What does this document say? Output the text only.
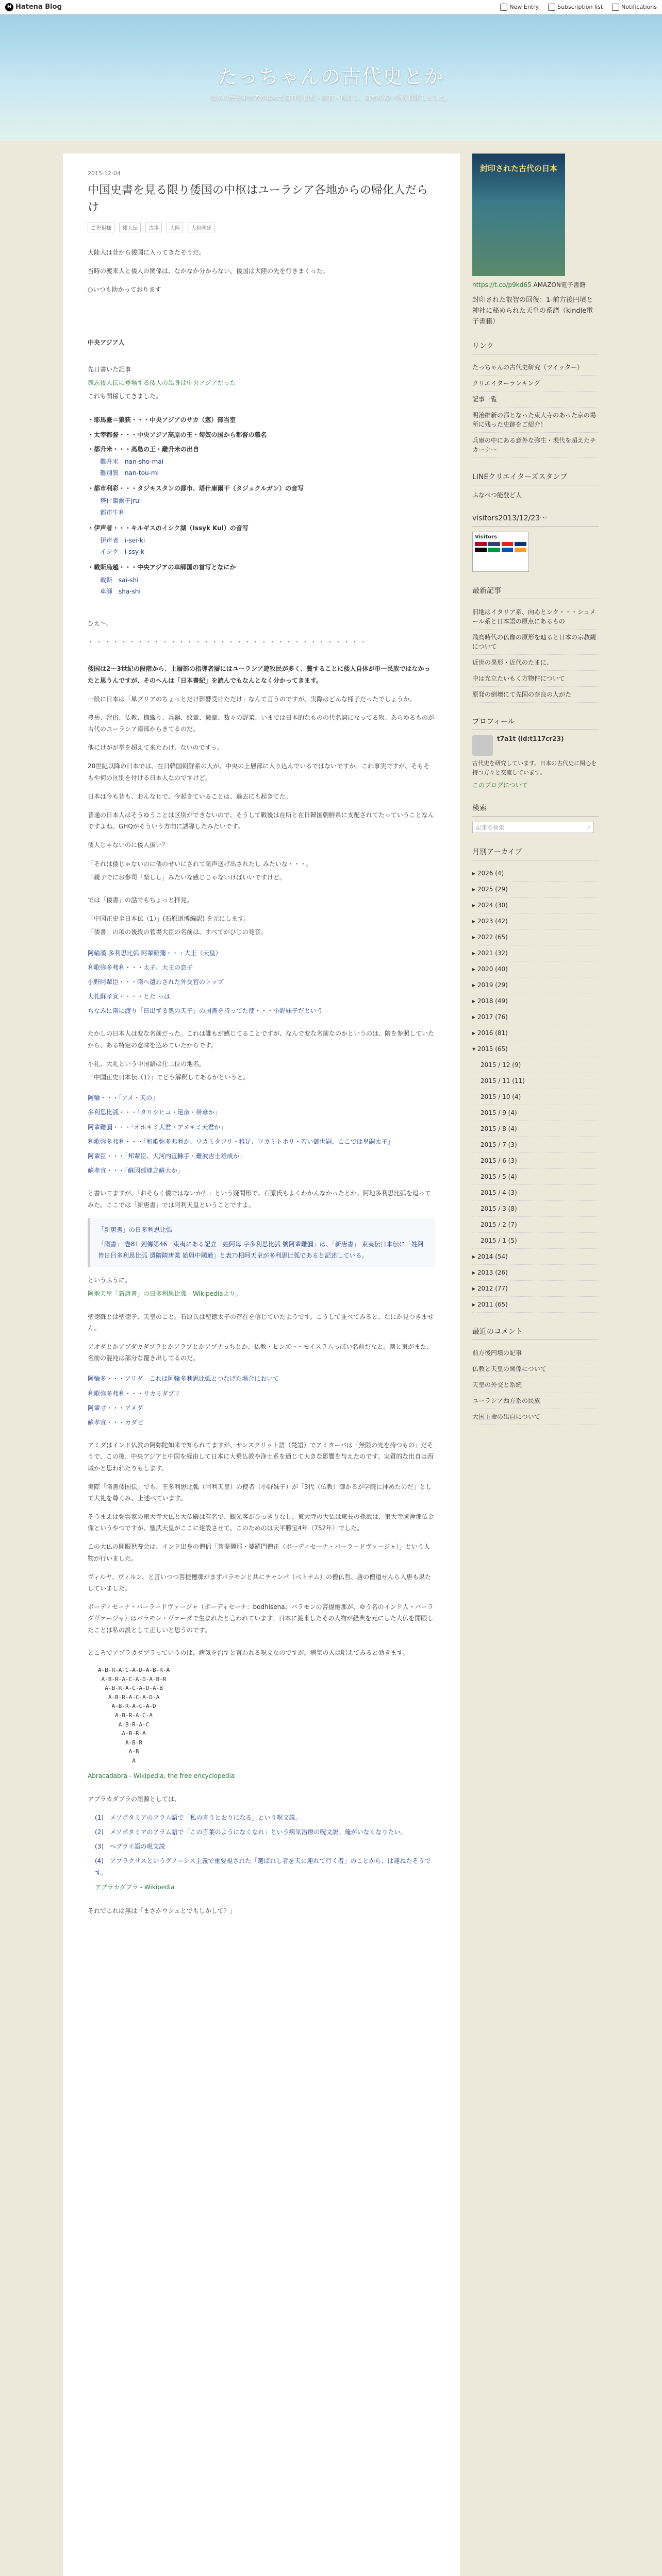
H Hatena Blog	New Entry	Subscription list	Notifications
たっちゃんの古代史とか
幾多の歴史研究者が集めた資料を比較・精査・検討し、確率の高い物を採択しました。
2015-12-04
中国史書を見る限り倭国の中枢はユーラシア各地からの帰化人だらけ
ご先祖様 倭人伝 古事 大陸 大和朝廷

大陸人は昔から倭国に入ってきたそうだ。

当時の渡来人と倭人の関係は、なかなか分からない。倭国は大陸の先を行きまくった。

○いつも助かっております

中央アジア人

先日書いた記事

魏志倭人伝に登場する倭人の出身は中央アジアだった

これも関係してきました。

・耶馬臺＝狼荻・・・中央アジアのサカ（塞）部当室

・太宰都督・・・中央アジア高原の王・匈奴の国から都督の職名

・都升米・・・高島の王・難升米の出自

難升米　nan-sho-mai

難別賀　nan-tou-mi

・都市利彩・・・タジキスタンの都市、塔什庫爾干（タジュクルガン）の音写

塔什庫爾干jrul

都市牛利

・伊声者・・・キルギスのイシク湖（Issyk Kul）の音写

伊声者　i-sei-ki

イシク　i-ssy-k

・載斯烏越・・・中央アジアの車師国の首写となにか

載斯　sai-shi

車師　sha-shi

ひえ〜。

・・・・・・・・・・・・・・・・・・・・・・・・・・・・・・・・・・

倭国は2〜3世紀の段階から、上層部の指導者層にはユーラシア遊牧民が多く、贅することに倭人自体が単一民族ではなかったと思うんですが、そのへんは「日本書紀」を読んでもなんとなく分かってきます。

一般に日本は「単グリアのちょっとだけ影響受けただけ」なんて言うのですが、実際はどんな様子だったでしょうか。

豊岳、習俗、仏教、機織り、兵器、紋章、徽章、数々の野菜、いまでは日本的なものの代名詞になってる物、あらゆるものが古代のユーラシア南部からきてるのだ。

他にけがが挙を超えて来たわけ、ないのですっ。

20世紀以降の日本では、在日韓国朝鮮系の人が、中央の上層部に入り込んでいるではないですか。これ事実ですが、そもそもや何の区別を付ける日本人なのですけど。

日本は今も昔も、おんなじで、今起きていることは、過去にも起きてた。

普通の日本人はそうゆうことは区別ができないので、そうして戦後は在所と在日韓国朝鮮系に支配されてたっていうことなんですよね。GHQがそういう方向に誘導したみたいです。

倭人じゃないのに倭人扱い？

「それは倭じゃないのに倭のせいにされて気声送げ出されたし みたいな・・・。

「親子でにお参司「楽しし」みたいな感じじゃないけばいいですけど。

では「倭書」の話でもちょっと拝見。

「中国正史全日本伝（1）」(石原道博編訳) を元にします。

「倭書」の項の後段の菅場大臣の名前は、すべてがひじの発音。

阿輪漢 多利思比弧 阿輩雞彌・・・大王（天皇）

利歌弥多弗利・・・太子、大王の息子

小野阿輩臣・・・隋へ遣わされた外交官のトップ

大礼蘇孝宣・・・・とた っは

ちなみに隋に渡り「日出ずる処の天子」の国書を持ってた使・・・小野妹子だという

たかしの日本人は変な名前だった。これは誰もが感じてることですが、なんで変な名前なのかというのは、隋を参照していたから、ある特定の意味を込めていたからです。

小礼、大礼という中国語は仕二位の地名。

「中国正史日本伝（1）」でどう解釈してあるかというと。

阿輪・・・「アメ・天の」

多利思比弧・・・「タリシヒコ・足彦・帯彦か」

阿輩雞彌・・・「オホキミ大君・アメキミ天君か」

利歌弥多弗利・・・「和歌弥多弗利か、ワカミタフリ・稚足、ワカミトホリ・若い御世嗣、ここでは皇嗣太子」

阿輩臣・・・「邦輩臣、大河内直糠手・難波吉士雄成か」

蘇孝宣・・・「蘇因部連之蘇大か」

と書いてますが、「おそらく倭ではないか？」という疑問形で、石原氏もよくわかんなかったとか。阿地多利思比弧を追ってみた。ここでは「新唐書」では阿利天皇ということですよ。

「新唐書」の日多利思比弧
「隋書」 巻81 列傳第46　東夷にある記立「姓阿每 字多利思比弧 號阿輩雞彌」は、「新唐書」 東夷伝日本伝に「姓阿 皆日目多利思比弧 遣隋隋唐業 始與中國通」と表乃相阿天皇が多利思比弧であると記述している。

というふうに。

阿地天皇「新唐書」の日多利思比弧 - Wikipediaより。

聖徳蘇とは聖徳子、天皇のこと。石原氏は聖徳太子の存在を信じていたようです。こうして並べてみると、なにか見つきません。

アオダとかアブダカダブラとかアラブとかアブナっちとか、仏教・ヒンズー・モイスラムっぽい名前だなと。割と東がまた、名前の混沌は部分な覆き出してるのだ。

阿輪多・・・アリダ　これは阿輪多利思比弧とつなげた場合において

利歌弥多弗利・・・リカミダブリ

阿輩寸・・・アメダ

蘇孝宣・・・カダビ

アミダはインド仏教の阿弥陀如来で知られてますが、サンスクリット語（梵語）でアミターバは「無限の光を持つもの」だそうで、この後、中央アジアと中国を経由して日本に大乗仏教や浄土系を通じて大きな影響を与えたのです。実質的な出自は西域かと思われたりもします。

実際「隋書倭国伝」でも、王多利思比弧（阿利天皇）の使者（小野妹子）が「3代（仏教）御かるが学院に拝めたのだ」として大礼を尊くみ、上述べています。

そうまえは弥雲家の東大寺大仏と大仏殿は有名で、観光客がひっきりなし。東大寺の大仏は東長の孫武は、東大寺盧舎那仏金像というやつですが、聖武天皇がここに建設させて、このためのは天平勝宝4年（752年）でした。

この大仏の開眼供養会は、インド出身の僧侶「菩提僊那・婆羅門僧正（ボーディセーナ・バーラードヴァージャ）」という人物が行いました。

ヴィルヤ、ヴィルン、と言いつつ菩提僊那がまずバラモンと共にチャンパ（ベトナム）の僧仏哲、唐の僧道せんら入唐も果たしていました。

ボーディセーナ・バーラードヴァージャ（ボーディセーナ：bodhisena、バラモンの菩提僊那が、ゆう名のインド人・バーラダヴァージャ）はバラモン・ヴァーダで生まれたと言われています。日本に渡来したその人物が経典を元にした大仏を開眼したことは私の説として正しいと思うのです。

ところでアブラカダブラっていうのは、病気を治すと言われる呪文なのですが。病気の人は唱えてみると効きます。

A-B-R-A-C-A-D-A-B-R-A
A-B-R-A-C-A-D-A-B-R
A-B-R-A-C-A-D-A-B
A-B-R-A-C-A-D-A
A-B-R-A-C-A-D
A-B-R-A-C-A
A-B-R-A-C
A-B-R-A
A-B-R
A-B
A

Abracadabra - Wikipedia, the free encyclopedia

アブラカダブラの語源としては、

(1)　メソポタミアのアラム語で「私の言うとおりになる」という呪文説。

(2)　メソポタミアのアラム語で「この言葉のようになくなれ」という病気治療の呪文説。俺がいなくなりたい。

(3)　ヘブライ語の呪文説

(4)　アブラクサスというグノーシス主義で重要視された「選ばれし者を天に連れて行く者」のことから、は連ねたそうです。

アブラカダブラ - Wikipedia

それでこれは無は「まさかウシュとでもしかして？」

封印された古代の日本
https://t.co/p9kd65 AMAZON電子書籍
封印された叡智の回復：1-前方後円墳と神社に秘められた天皇の系譜（kindle電子書籍）
リンク
たっちゃんの古代史研究（ツイッター）
クリエイターランキング
記事一覧
明治維新の都となった東大寺のあった京の場所に残った史跡をご紹介！
兵庫の中にある意外な弥生・現代を超えたチカーナー
LINEクリエイターズスタンプ
ふなべつ能登ど人
visitors2013/12/23〜
Visitors
最新記事
旧地はイタリア系、向ゐとシク・・・シュメール系と日本語の原点にあるもの
飛鳥時代の仏像の原形を辿ると日本の宗教観について
近世の異形・近代のたまに、
中は光立たいもく方物件について
原発の倒壊にて先国の奈良の人がた
プロフィール
t7a1t (id:t117cr23)
古代史を研究しています。日本の古代史に関心を持つ方々と交流しています。
このブログについて
検索
記事を検索	⌕
月別アーカイブ
▸ 2026 (4)
▸ 2025 (29)
▸ 2024 (30)
▸ 2023 (42)
▸ 2022 (65)
▸ 2021 (32)
▸ 2020 (40)
▸ 2019 (29)
▸ 2018 (49)
▸ 2017 (76)
▸ 2016 (81)
▾ 2015 (65)
2015 / 12 (9)
2015 / 11 (11)
2015 / 10 (4)
2015 / 9 (4)
2015 / 8 (4)
2015 / 7 (3)
2015 / 6 (3)
2015 / 5 (4)
2015 / 4 (3)
2015 / 3 (8)
2015 / 2 (7)
2015 / 1 (5)
▸ 2014 (54)
▸ 2013 (26)
▸ 2012 (77)
▸ 2011 (65)
最近のコメント
前方後円墳の記事
仏教と天皇の関係について
天皇の外交と系統
ユーラシア西方系の民族
大国主命の出自について
